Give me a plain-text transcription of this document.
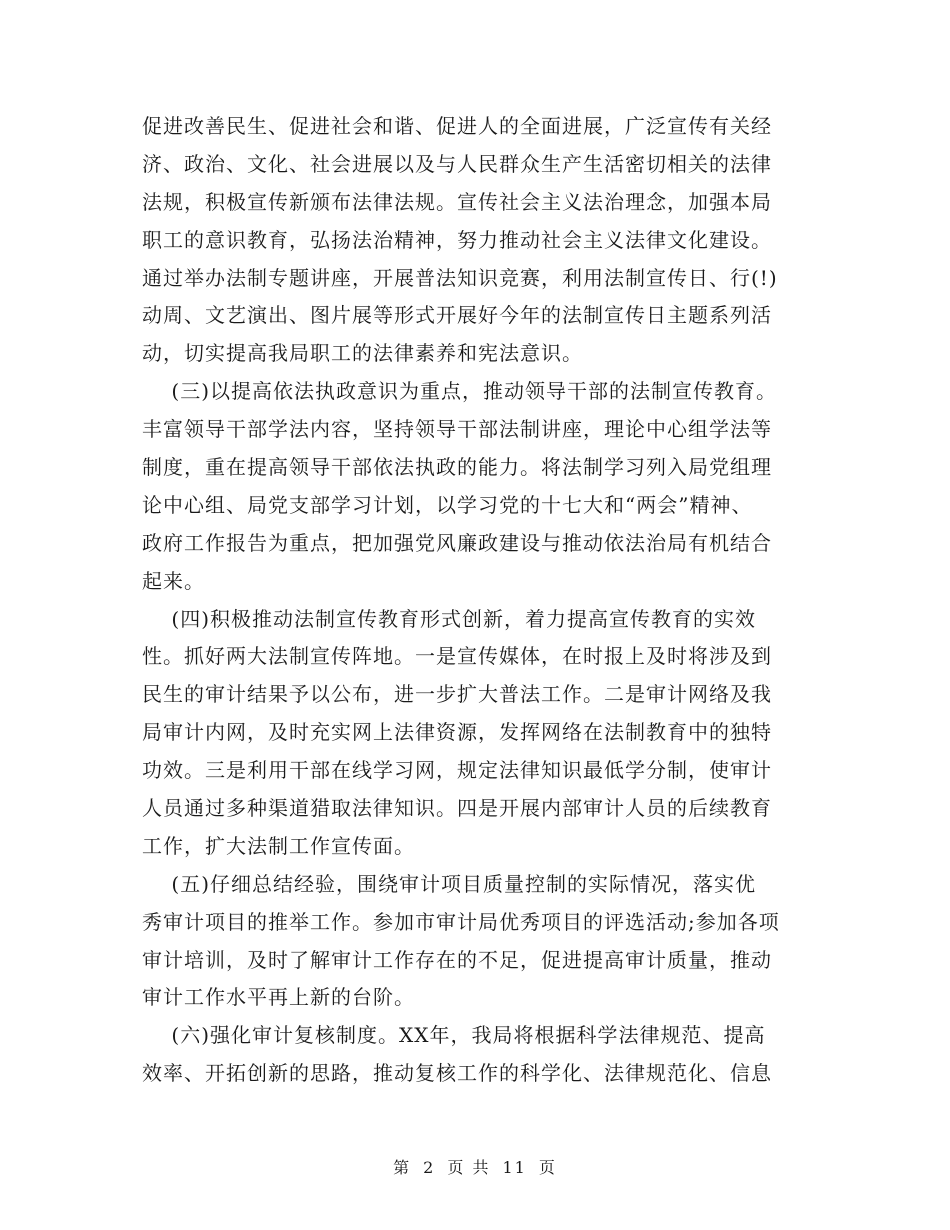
促进改善民生、促进社会和谐、促进人的全面进展，广泛宣传有关经
济、政治、文化、社会进展以及与人民群众生产生活密切相关的法律
法规，积极宣传新颁布法律法规。宣传社会主义法治理念，加强本局
职工的意识教育，弘扬法治精神，努力推动社会主义法律文化建设。
通过举办法制专题讲座，开展普法知识竞赛，利用法制宣传日、行(!)
动周、文艺演出、图片展等形式开展好今年的法制宣传日主题系列活
动，切实提高我局职工的法律素养和宪法意识。
(三)以提高依法执政意识为重点，推动领导干部的法制宣传教育。
丰富领导干部学法内容，坚持领导干部法制讲座，理论中心组学法等
制度，重在提高领导干部依法执政的能力。将法制学习列入局党组理
论中心组、局党支部学习计划，以学习党的十七大和“两会”精神、
政府工作报告为重点，把加强党风廉政建设与推动依法治局有机结合
起来。
(四)积极推动法制宣传教育形式创新，着力提高宣传教育的实效
性。抓好两大法制宣传阵地。一是宣传媒体，在时报上及时将涉及到
民生的审计结果予以公布，进一步扩大普法工作。二是审计网络及我
局审计内网，及时充实网上法律资源，发挥网络在法制教育中的独特
功效。三是利用干部在线学习网，规定法律知识最低学分制，使审计
人员通过多种渠道猎取法律知识。四是开展内部审计人员的后续教育
工作，扩大法制工作宣传面。
(五)仔细总结经验，围绕审计项目质量控制的实际情况，落实优
秀审计项目的推举工作。参加市审计局优秀项目的评选活动;参加各项
审计培训，及时了解审计工作存在的不足，促进提高审计质量，推动
审计工作水平再上新的台阶。
(六)强化审计复核制度。XX年，我局将根据科学法律规范、提高
效率、开拓创新的思路，推动复核工作的科学化、法律规范化、信息
第 2 页 共 11 页
